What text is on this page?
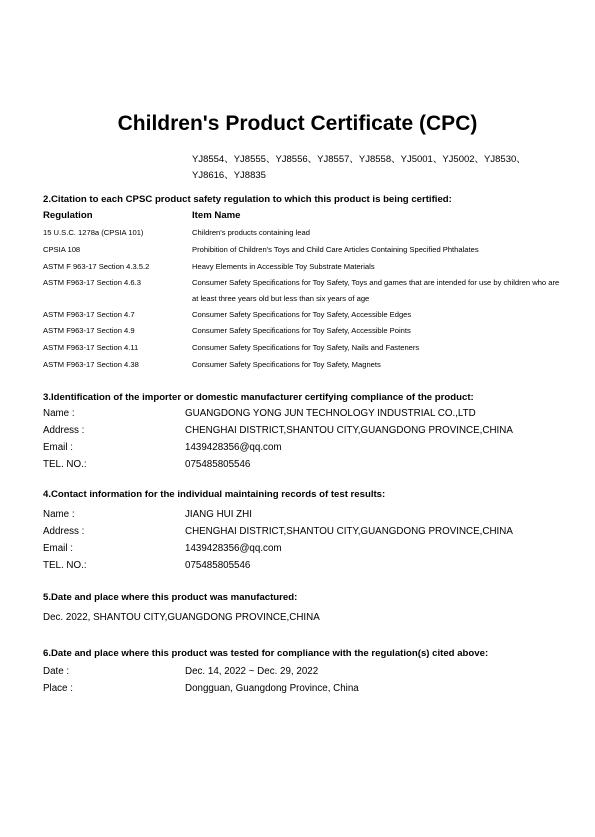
Children's Product Certificate (CPC)
YJ8554、YJ8555、YJ8556、YJ8557、YJ8558、YJ5001、YJ5002、YJ8530、
YJ8616、YJ8835
2.Citation to each CPSC product safety regulation to which this product is being certified:
Regulation	Item Name
15 U.S.C. 1278a (CPSIA 101)	Children's products containing lead
CPSIA 108	Prohibition of Children's Toys and Child Care Articles Containing Specified Phthalates
ASTM F 963-17 Section 4.3.5.2	Heavy Elements in Accessible Toy Substrate Materials
ASTM F963-17 Section 4.6.3	Consumer Safety Specifications for Toy Safety, Toys and games that are intended for use by children who are at least three years old but less than six years of age
ASTM F963-17 Section 4.7	Consumer Safety Specifications for Toy Safety, Accessible Edges
ASTM F963-17 Section 4.9	Consumer Safety Specifications for Toy Safety, Accessible Points
ASTM F963-17 Section 4.11	Consumer Safety Specifications for Toy Safety, Nails and Fasteners
ASTM F963-17 Section 4.38	Consumer Safety Specifications for Toy Safety, Magnets
3.Identification of the importer or domestic manufacturer certifying compliance of the product:
Name :	GUANGDONG YONG JUN TECHNOLOGY INDUSTRIAL CO.,LTD
Address :	CHENGHAI DISTRICT,SHANTOU CITY,GUANGDONG PROVINCE,CHINA
Email :	1439428356@qq.com
TEL. NO.:	075485805546
4.Contact information for the individual maintaining records of test results:
Name :	JIANG HUI ZHI
Address :	CHENGHAI DISTRICT,SHANTOU CITY,GUANGDONG PROVINCE,CHINA
Email :	1439428356@qq.com
TEL. NO.:	075485805546
5.Date and place where this product was manufactured:
Dec. 2022, SHANTOU CITY,GUANGDONG PROVINCE,CHINA
6.Date and place where this product was tested for compliance with the regulation(s) cited above:
Date :	Dec. 14, 2022 ~ Dec. 29, 2022
Place :	Dongguan, Guangdong Province, China
